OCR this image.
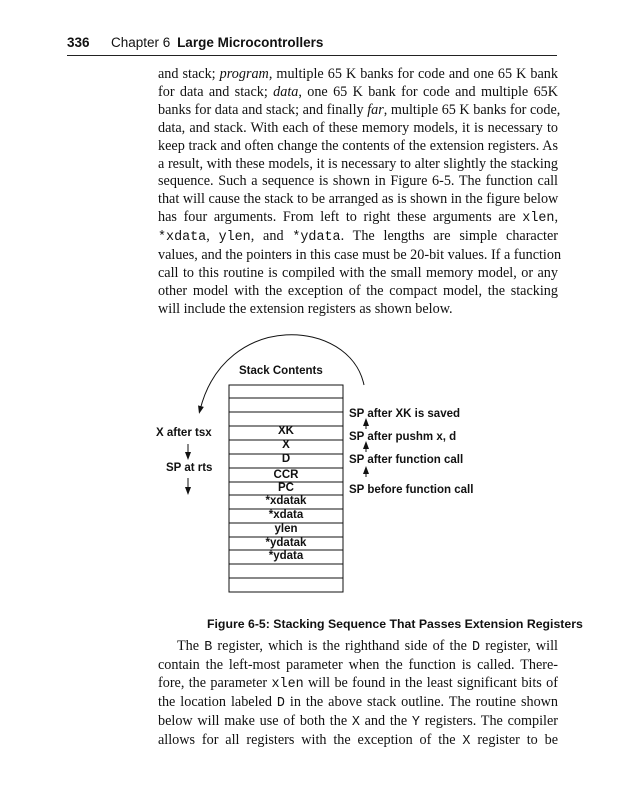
336 Chapter 6 Large Microcontrollers
and stack; program, multiple 65 K banks for code and one 65 K bank
for data and stack; data, one 65 K bank for code and multiple 65K
banks for data and stack; and finally far, multiple 65 K banks for code,
data, and stack. With each of these memory models, it is necessary to
keep track and often change the contents of the extension registers. As
a result, with these models, it is necessary to alter slightly the stacking
sequence. Such a sequence is shown in Figure 6-5. The function call
that will cause the stack to be arranged as is shown in the figure below
has four arguments. From left to right these arguments are xlen,
*xdata, ylen, and *ydata. The lengths are simple character
values, and the pointers in this case must be 20-bit values. If a function
call to this routine is compiled with the small memory model, or any
other model with the exception of the compact model, the stacking
will include the extension registers as shown below.
Stack Contents
XK
X
D
CCR
PC
*xdatak
*xdata
ylen
*ydatak
*ydata
X after tsx
SP at rts
SP after XK is saved
SP after pushm x, d
SP after function call
SP before function call
Figure 6-5: Stacking Sequence That Passes Extension Registers
The B register, which is the righthand side of the D register, will
contain the left-most parameter when the function is called. There-
fore, the parameter xlen will be found in the least significant bits of
the location labeled D in the above stack outline. The routine shown
below will make use of both the X and the Y registers. The compiler
allows for all registers with the exception of the X register to be
